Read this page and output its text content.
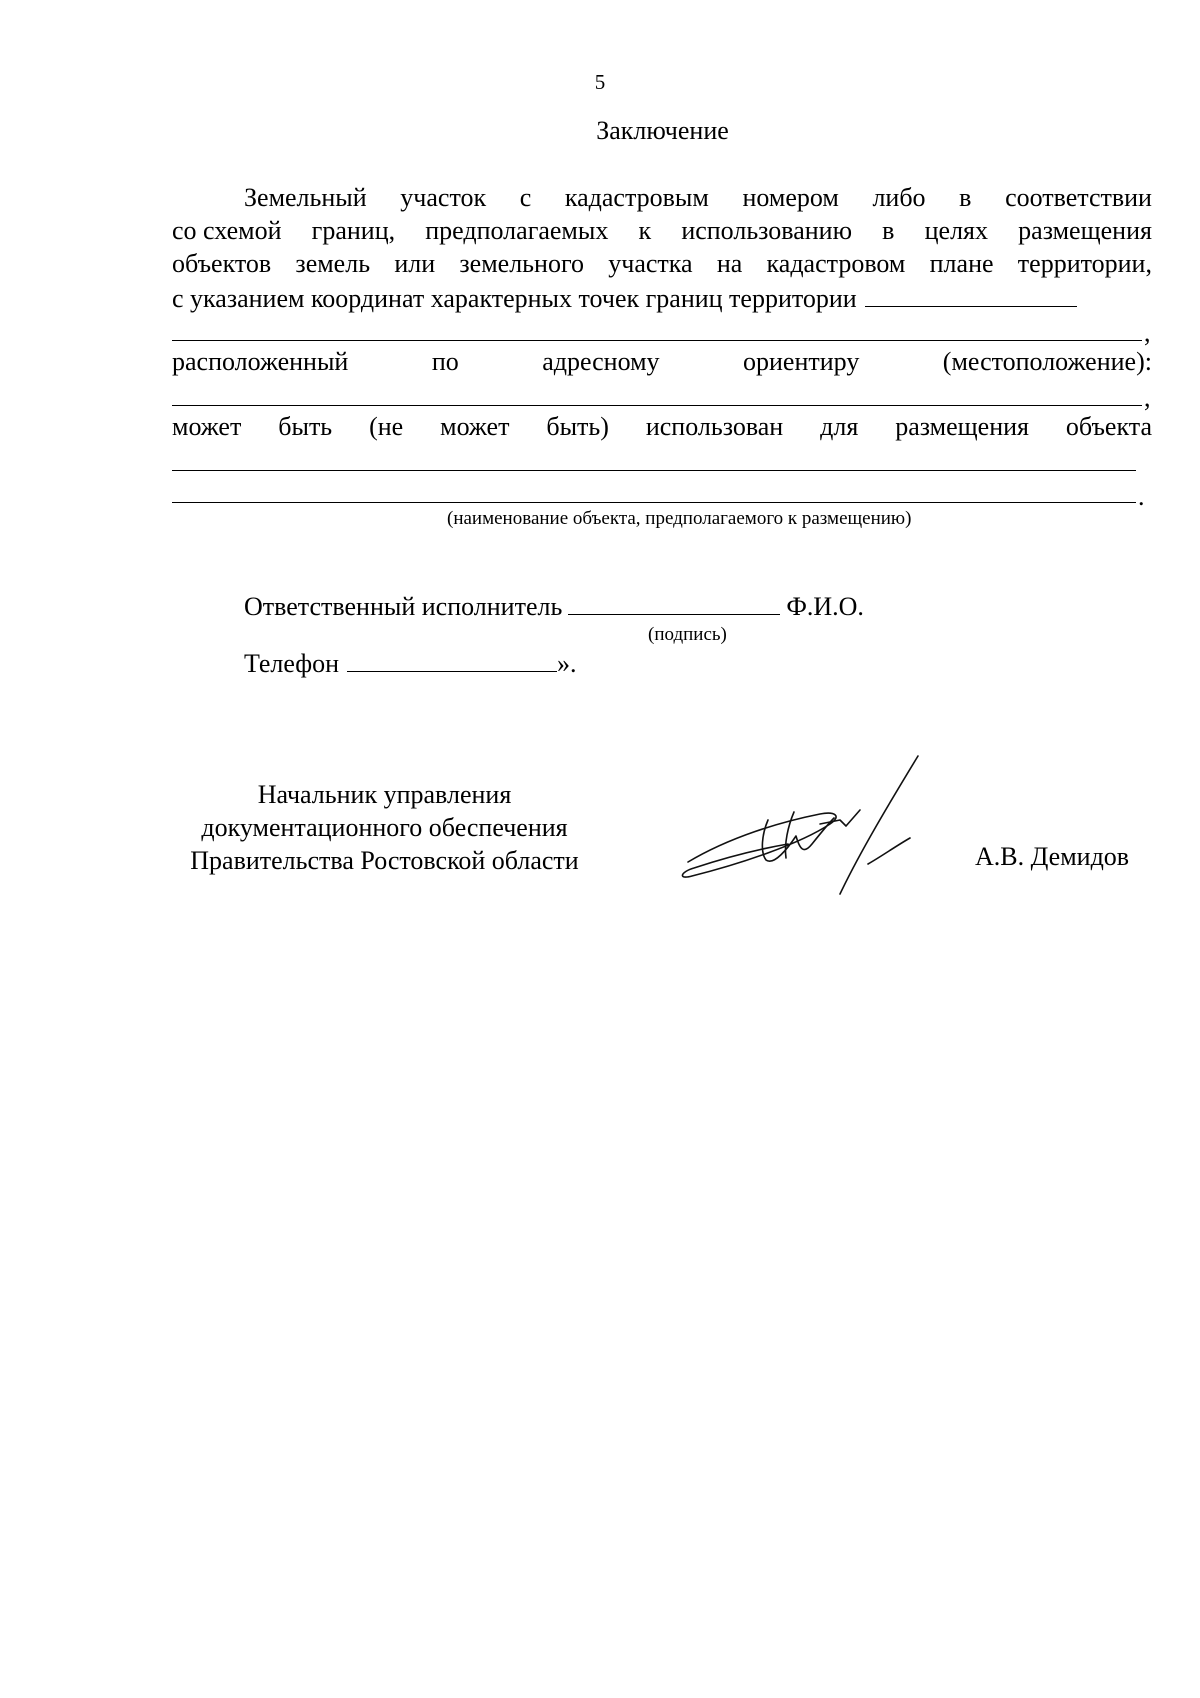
5
Заключение
Земельный участок с кадастровым номером либо в соответствии
со схемой границ, предполагаемых к использованию в целях размещения
объектов земель или земельного участка на кадастровом плане территории,
с указанием координат характерных точек границ территории
,
расположенный	по	адресному	ориентиру	(местоположение):
,
может быть (не может быть) использован для размещения объекта
.
(наименование объекта, предполагаемого к размещению)
Ответственный исполнитель	Ф.И.О.
(подпись)
Телефон	».
Начальник управления
документационного обеспечения
Правительства Ростовской области	А.В. Демидов
